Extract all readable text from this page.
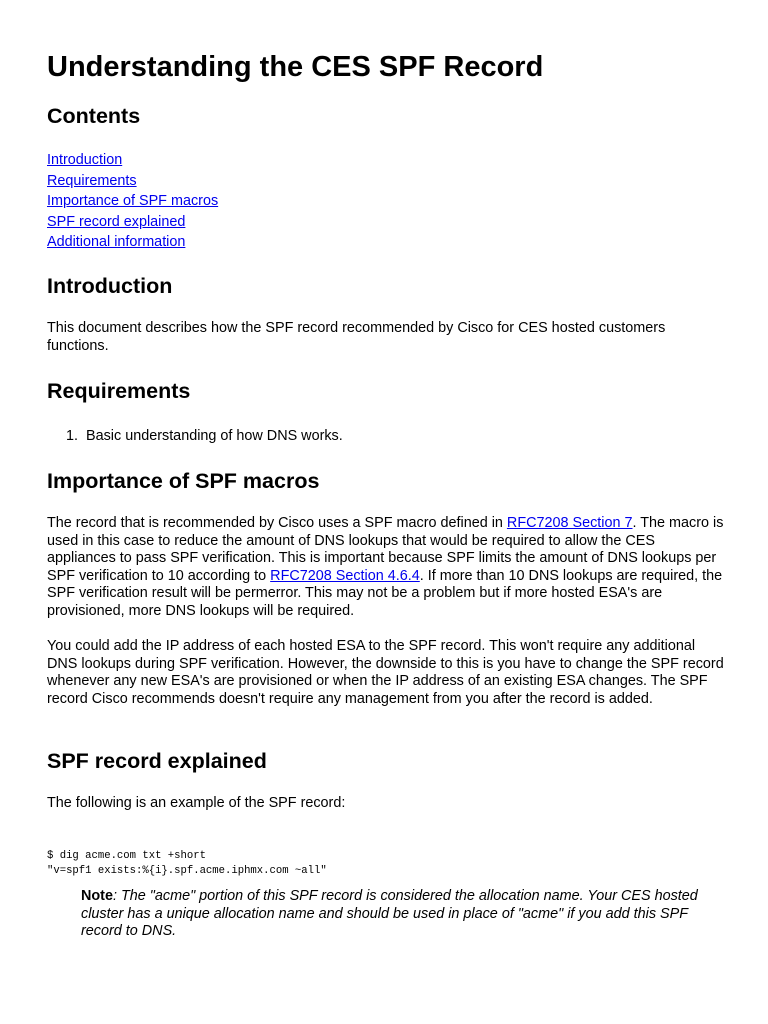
Understanding the CES SPF Record
Contents
Introduction
Requirements
Importance of SPF macros
SPF record explained
Additional information
Introduction

This document describes how the SPF record recommended by Cisco for CES hosted customers functions.

Requirements
1.  Basic understanding of how DNS works.
Importance of SPF macros

The record that is recommended by Cisco uses a SPF macro defined in RFC7208 Section 7. The macro is used in this case to reduce the amount of DNS lookups that would be required to allow the CES appliances to pass SPF verification. This is important because SPF limits the amount of DNS lookups per SPF verification to 10 according to RFC7208 Section 4.6.4. If more than 10 DNS lookups are required, the SPF verification result will be permerror. This may not be a problem but if more hosted ESA's are provisioned, more DNS lookups will be required.

You could add the IP address of each hosted ESA to the SPF record. This won't require any additional DNS lookups during SPF verification. However, the downside to this is you have to change the SPF record whenever any new ESA's are provisioned or when the IP address of an existing ESA changes. The SPF record Cisco recommends doesn't require any management from you after the record is added.

SPF record explained

The following is an example of the SPF record:

$ dig acme.com txt +short
"v=spf1 exists:%{i}.spf.acme.iphmx.com ~all"
Note: The "acme" portion of this SPF record is considered the allocation name. Your CES hosted cluster has a unique allocation name and should be used in place of "acme" if you add this SPF record to DNS.
